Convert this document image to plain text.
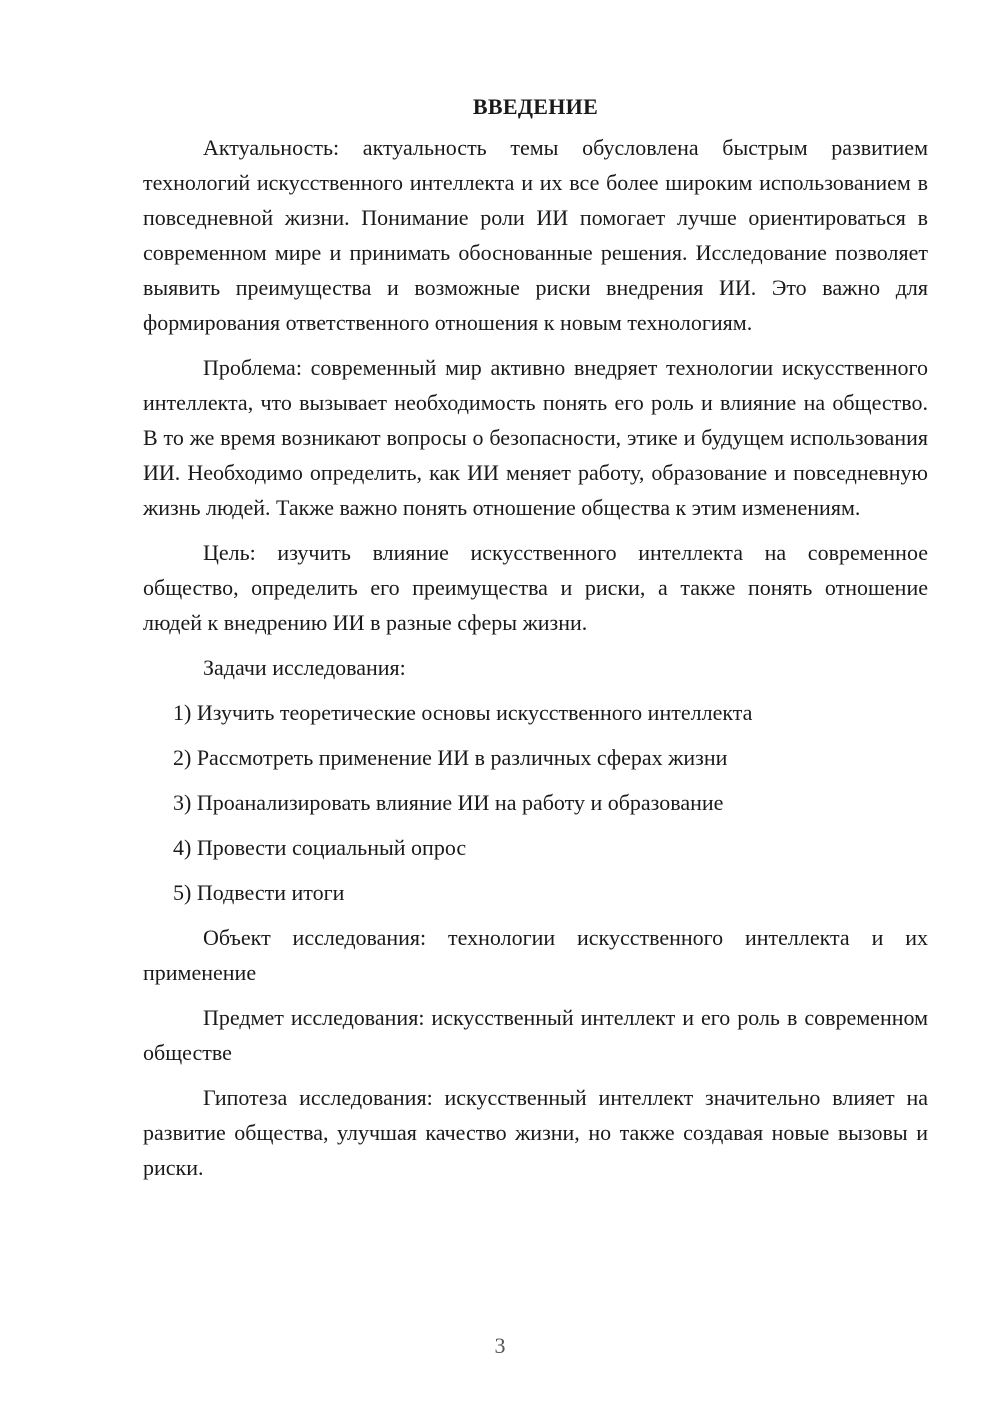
ВВЕДЕНИЕ

Актуальность: актуальность темы обусловлена быстрым развитием технологий искусственного интеллекта и их все более широким использованием в повседневной жизни. Понимание роли ИИ помогает лучше ориентироваться в современном мире и принимать обоснованные решения. Исследование позволяет выявить преимущества и возможные риски внедрения ИИ. Это важно для формирования ответственного отношения к новым технологиям.

Проблема: современный мир активно внедряет технологии искусственного интеллекта, что вызывает необходимость понять его роль и влияние на общество. В то же время возникают вопросы о безопасности, этике и будущем использования ИИ. Необходимо определить, как ИИ меняет работу, образование и повседневную жизнь людей. Также важно понять отношение общества к этим изменениям.

Цель: изучить влияние искусственного интеллекта на современное общество, определить его преимущества и риски, а также понять отношение людей к внедрению ИИ в разные сферы жизни.

Задачи исследования:

1) Изучить теоретические основы искусственного интеллекта
2) Рассмотреть применение ИИ в различных сферах жизни
3) Проанализировать влияние ИИ на работу и образование
4) Провести социальный опрос
5) Подвести итоги

Объект исследования: технологии искусственного интеллекта и их применение

Предмет исследования: искусственный интеллект и его роль в современном обществе

Гипотеза исследования: искусственный интеллект значительно влияет на развитие общества, улучшая качество жизни, но также создавая новые вызовы и риски.

3
